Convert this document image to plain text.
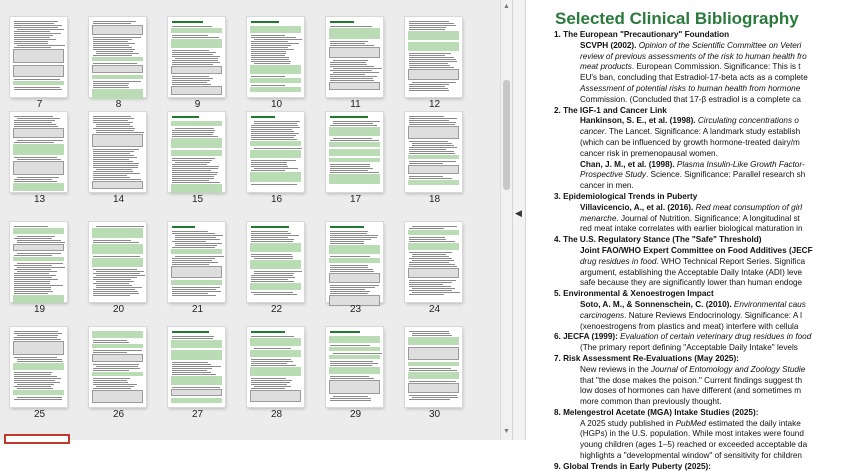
7	8	9	10	11	12
13	14	15	16	17	18
19	20	21	22	23	24
25	26	27	28	29	30
▲
▼
◀
Selected Clinical Bibliography
1. The European "Precautionary" Foundation
SCVPH (2002). Opinion of the Scientific Committee on Veteri
review of previous assessments of the risk to human health fro
meat products. European Commission. Significance: This is t
EU's ban, concluding that Estradiol-17-beta acts as a complete
Assessment of potential risks to human health from hormone
Commission. (Concluded that 17-β estradiol is a complete ca
2. The IGF-1 and Cancer Link
Hankinson, S. E., et al. (1998). Circulating concentrations o
cancer. The Lancet. Significance: A landmark study establish
(which can be influenced by growth hormone-treated dairy/m
cancer risk in premenopausal women.
Chan, J. M., et al. (1998). Plasma Insulin-Like Growth Factor-
Prospective Study. Science. Significance: Parallel research sh
cancer in men.
3. Epidemiological Trends in Puberty
Villavicencio, A., et al. (2016). Red meat consumption of girl
menarche. Journal of Nutrition. Significance: A longitudinal st
red meat intake correlates with earlier biological maturation in
4. The U.S. Regulatory Stance (The "Safe" Threshold)
Joint FAO/WHO Expert Committee on Food Additives (JECF
drug residues in food. WHO Technical Report Series. Significa
argument, establishing the Acceptable Daily Intake (ADI) leve
safe because they are significantly lower than human endoge
5. Environmental & Xenoestrogen Impact
Soto, A. M., & Sonnenschein, C. (2010). Environmental caus
carcinogens. Nature Reviews Endocrinology. Significance: A l
(xenoestrogens from plastics and meat) interfere with cellula
6. JECFA (1999): Evaluation of certain veterinary drug residues in food
(The primary report defining "Acceptable Daily Intake" levels
7. Risk Assessment Re-Evaluations (May 2025):
New reviews in the Journal of Entomology and Zoology Studie
that "the dose makes the poison." Current findings suggest th
low doses of hormones can have different (and sometimes m
more common than previously thought.
8. Melengestrol Acetate (MGA) Intake Studies (2025):
A 2025 study published in PubMed estimated the daily intake
(HGPs) in the U.S. population. While most intakes were found
young children (ages 1–5) reached or exceeded acceptable da
highlights a "developmental window" of sensitivity for children
9. Global Trends in Early Puberty (2025):
